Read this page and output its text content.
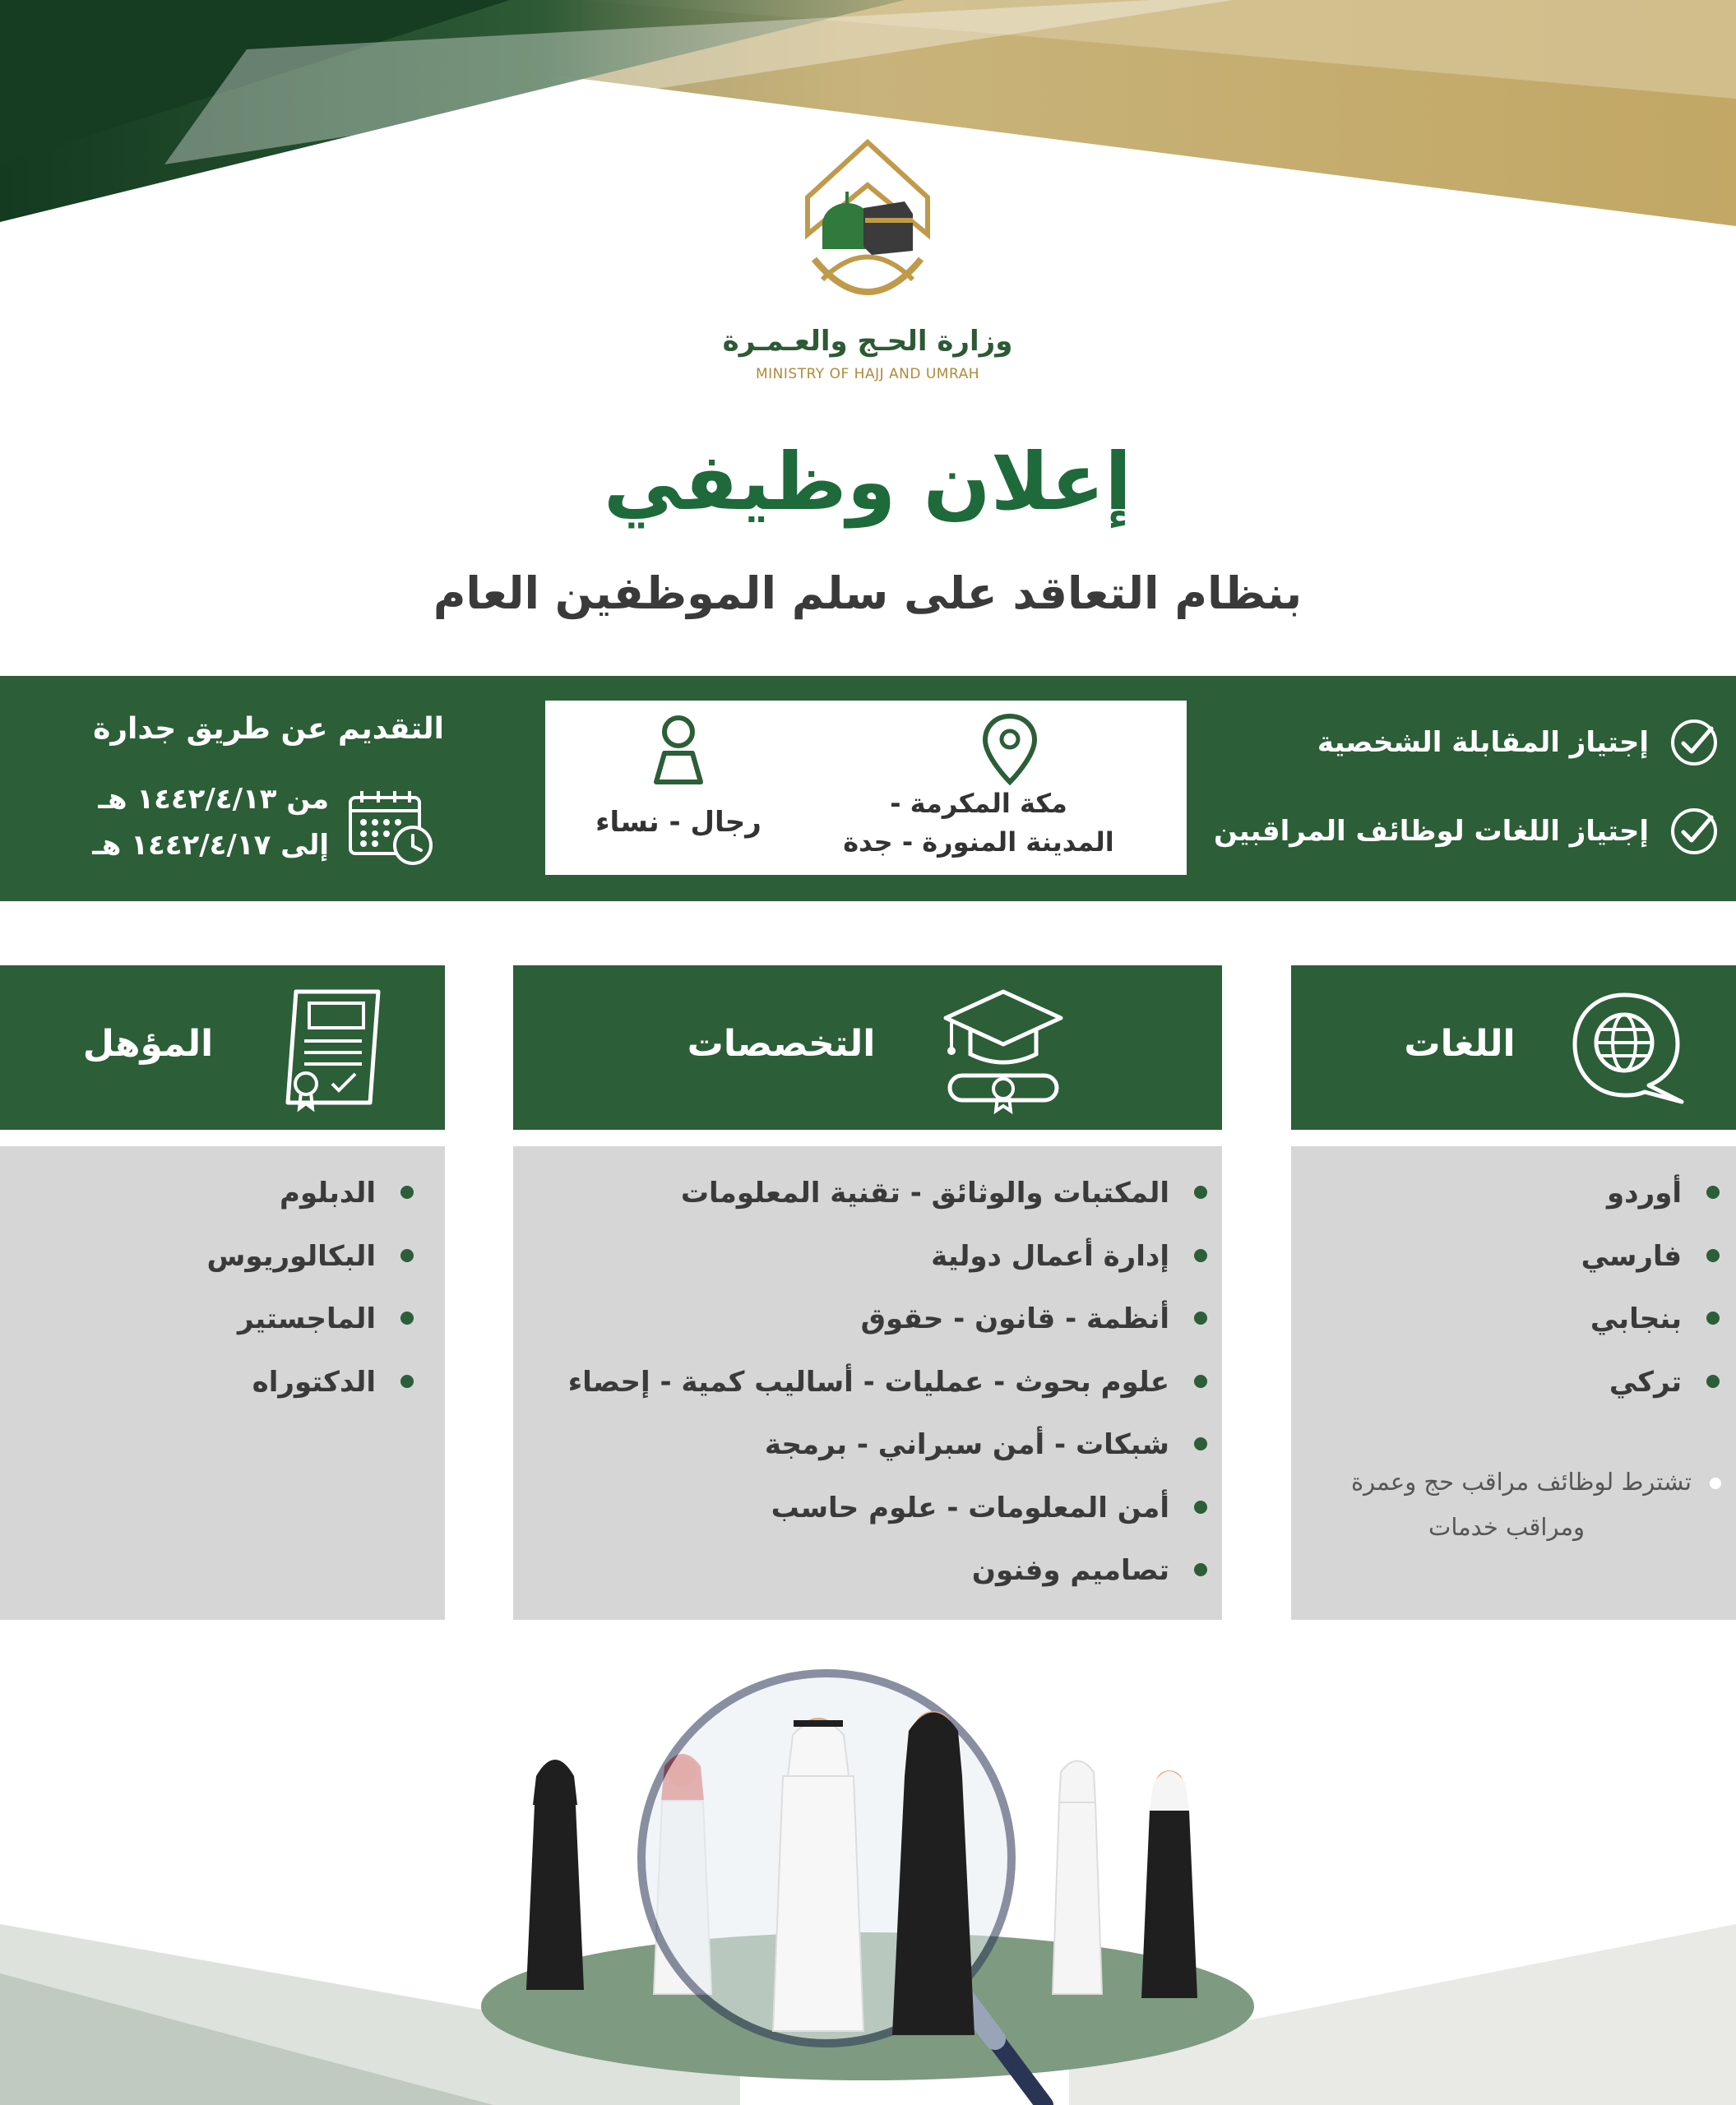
وزارة الحـج والعـمـرة
MINISTRY OF HAJJ AND UMRAH
إعلان وظيفي
بنظام التعاقد على سلم الموظفين العام
إجتياز المقابلة الشخصية
إجتياز اللغات لوظائف المراقبين
مكة المكرمة -
المدينة المنورة - جدة
رجال - نساء
التقديم عن طريق جدارة
من ١٤٤٢/٤/١٣ هـ
إلى ١٤٤٢/٤/١٧ هـ
اللغات
أوردو
فارسي
بنجابي
تركي
تشترط لوظائف مراقب حج وعمرة
ومراقب خدمات
التخصصات
المكتبات والوثائق - تقنية المعلومات
إدارة أعمال دولية
أنظمة - قانون - حقوق
علوم بحوث - عمليات - أساليب كمية - إحصاء
شبكات - أمن سبراني - برمجة
أمن المعلومات - علوم حاسب
تصاميم وفنون
المؤهل
الدبلوم
البكالوريوس
الماجستير
الدكتوراه
